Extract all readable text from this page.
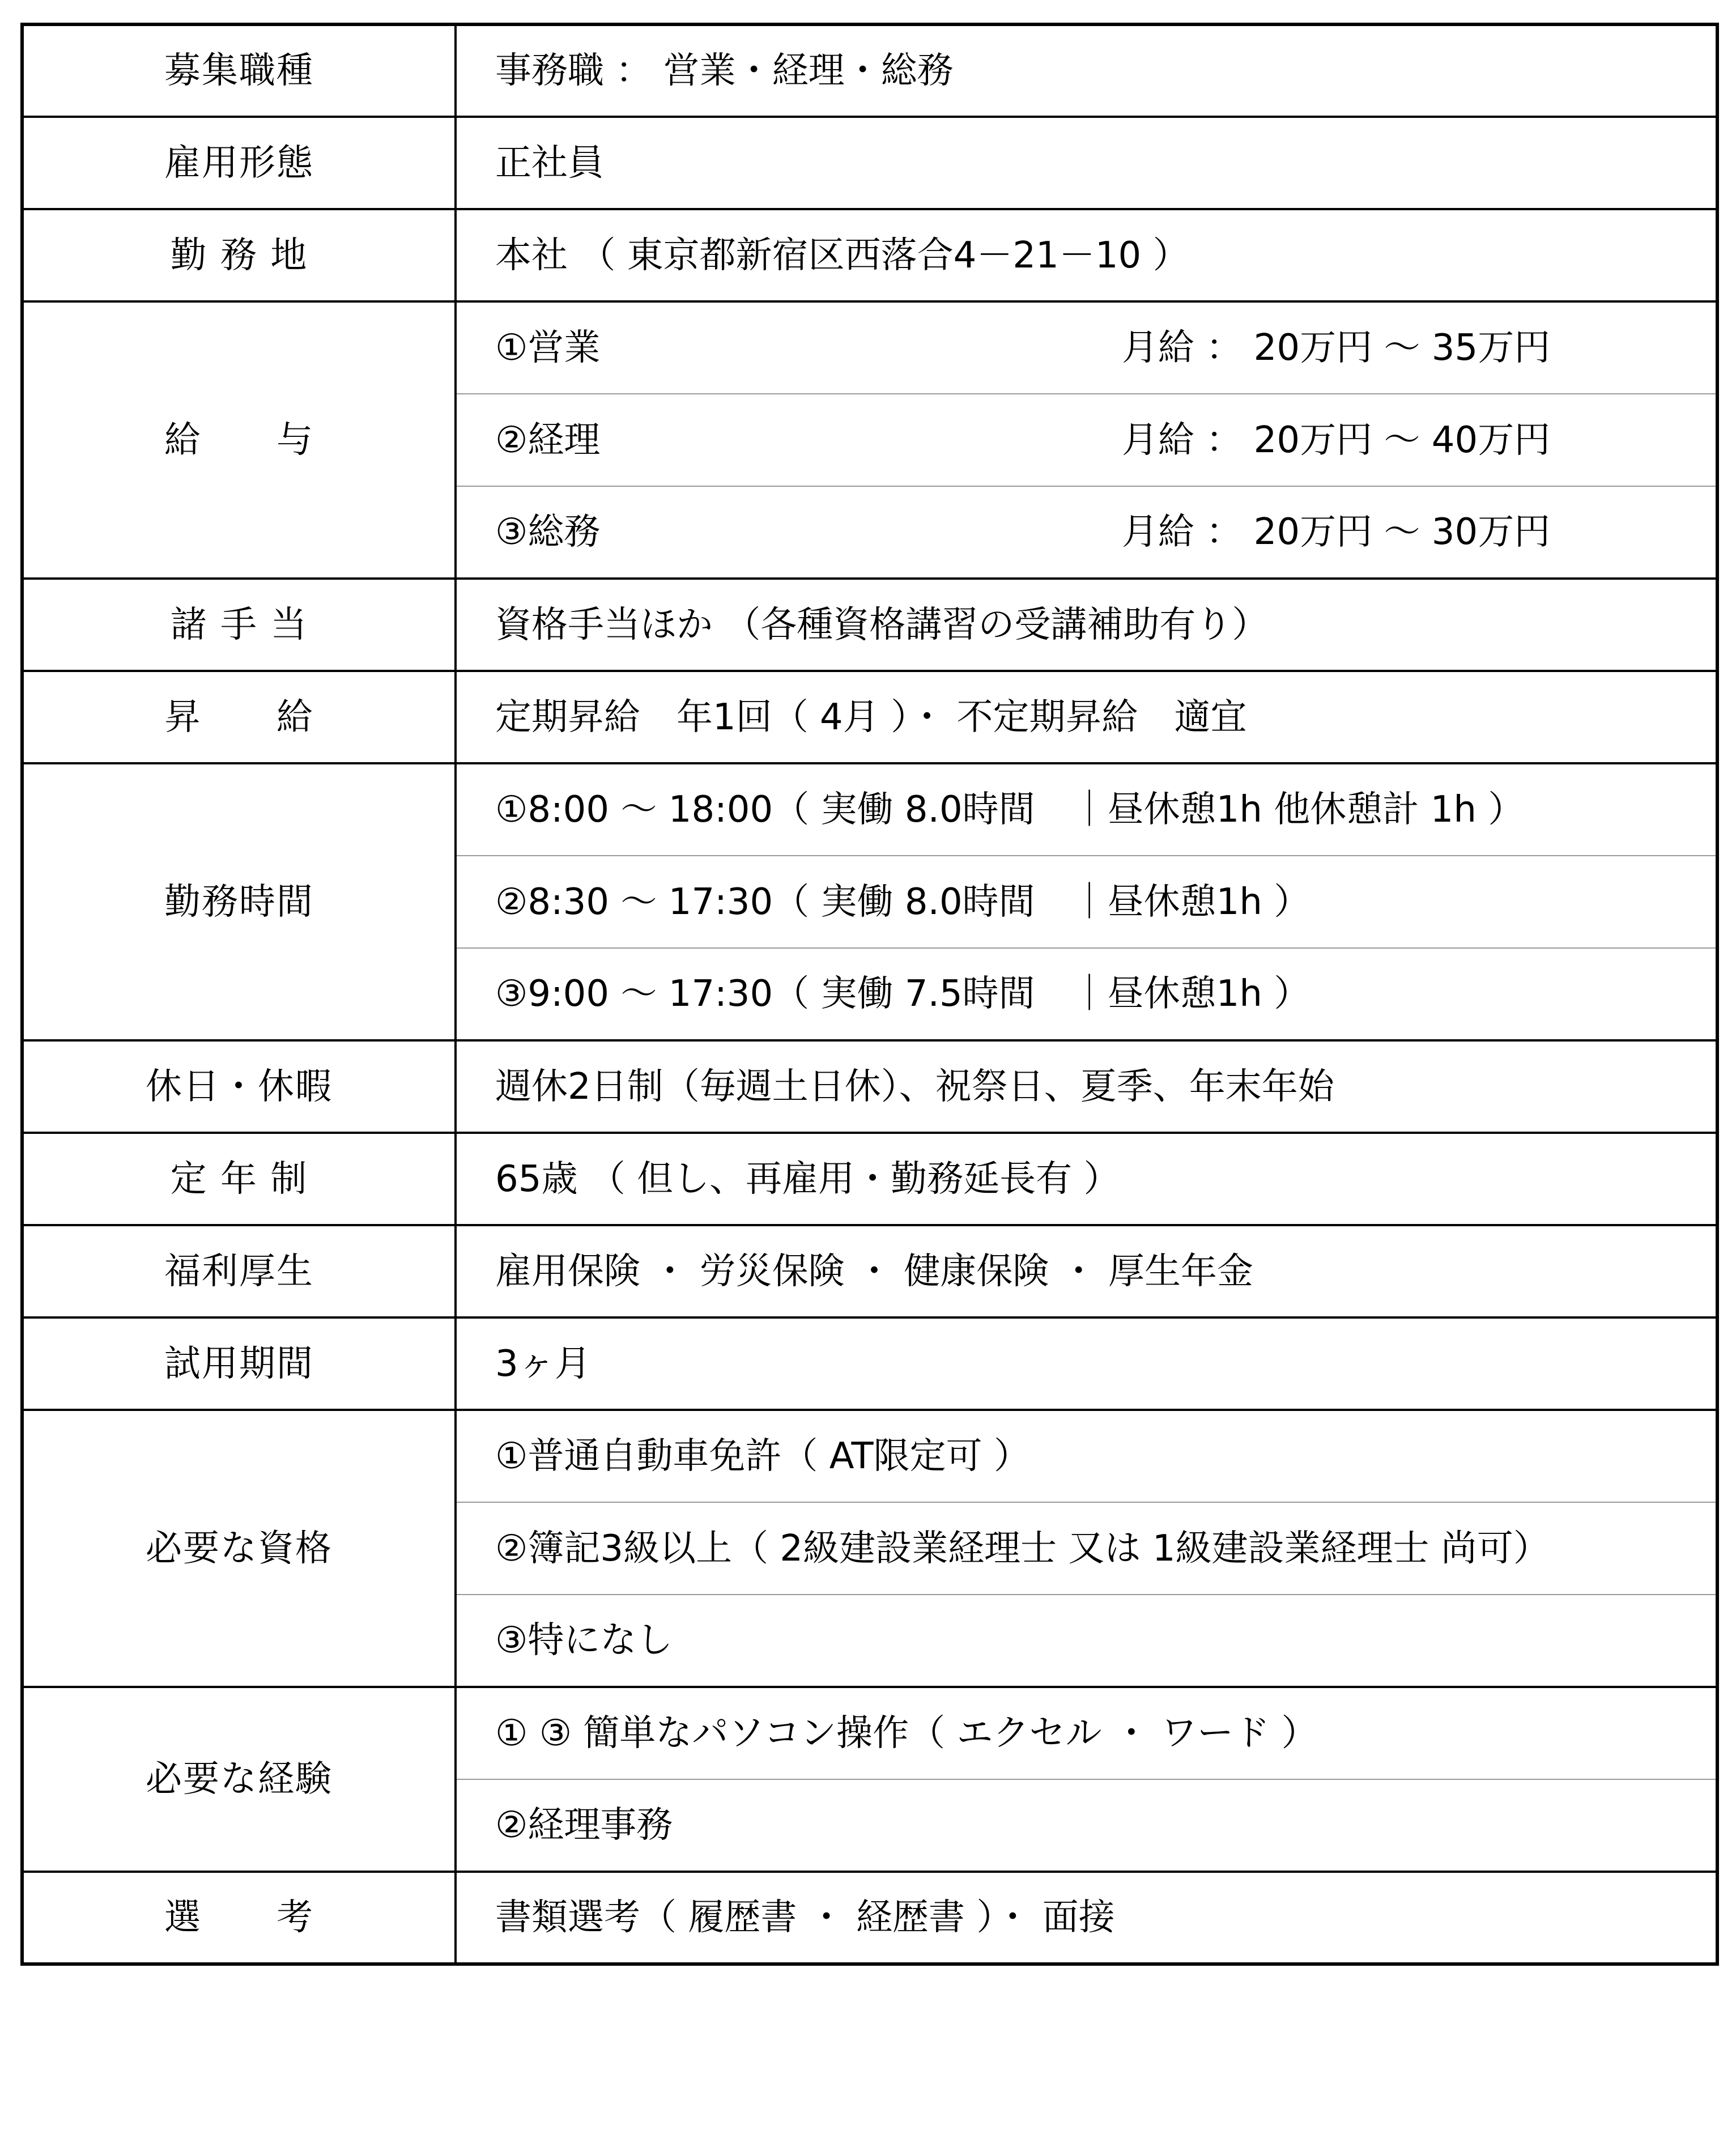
募集職種	事務職 ： 営業・経理・総務
雇用形態	正社員
勤 務 地	本社 （ 東京都新宿区西落合4－21－10 ）
給　　与	①営業 月給 ： 20万円 ～ 35万円
	②経理 月給 ： 20万円 ～ 40万円
	③総務 月給 ： 20万円 ～ 30万円
諸 手 当	資格手当ほか （各種資格講習の受講補助有り）
昇　　給	定期昇給　年1回（ 4月 ）・ 不定期昇給　適宜
勤務時間	①8:00 ～ 18:00（ 実働 8.0時間　｜昼休憩1h 他休憩計 1h ）
	②8:30 ～ 17:30（ 実働 8.0時間　｜昼休憩1h ）
	③9:00 ～ 17:30（ 実働 7.5時間　｜昼休憩1h ）
休日・休暇	週休2日制（毎週土日休）、祝祭日、夏季、年末年始
定 年 制	65歳 （ 但し、再雇用・勤務延長有 ）
福利厚生	雇用保険 ・ 労災保険 ・ 健康保険 ・ 厚生年金
試用期間	3ヶ月
必要な資格	①普通自動車免許（ AT限定可 ）
	②簿記3級以上（ 2級建設業経理士 又は 1級建設業経理士 尚可）
	③特になし
必要な経験	① ③ 簡単なパソコン操作（ エクセル ・ ワード ）
	②経理事務
選　　考	書類選考（ 履歴書 ・ 経歴書 ）・ 面接
